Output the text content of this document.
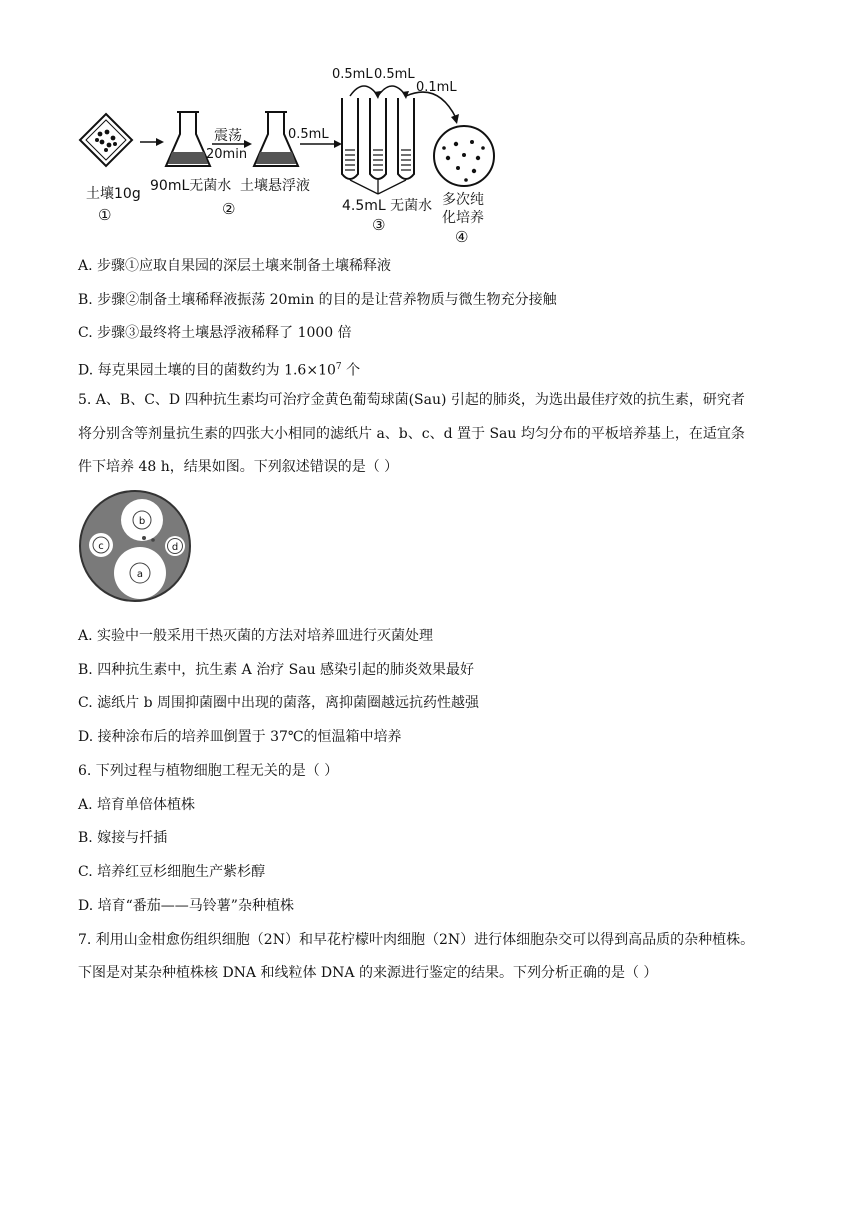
土壤10g
①
90mL无菌水
震荡
20min
②
土壤悬浮液
0.5mL
0.5mL 0.5mL
0.1mL
4.5mL 无菌水
③
多次纯
化培养
④
A. 步骤①应取自果园的深层土壤来制备土壤稀释液
B. 步骤②制备土壤稀释液振荡 20min 的目的是让营养物质与微生物充分接触
C. 步骤③最终将土壤悬浮液稀释了 1000 倍
D. 每克果园土壤的目的菌数约为 $1.6\times 10^7$ 个
5. A、B、C、D 四种抗生素均可治疗金黄色葡萄球菌(Sau) 引起的肺炎，为选出最佳疗效的抗生素，研究者
将分别含等剂量抗生素的四张大小相同的滤纸片 a、b、c、d 置于 Sau 均匀分布的平板培养基上，在适宜条
件下培养 48 h，结果如图。下列叙述错误的是（ ）
a
b
c	d
A. 实验中一般采用干热灭菌的方法对培养皿进行灭菌处理
B. 四种抗生素中，抗生素 A 治疗 Sau 感染引起的肺炎效果最好
C. 滤纸片 b 周围抑菌圈中出现的菌落，离抑菌圈越远抗药性越强
D. 接种涂布后的培养皿倒置于 37℃的恒温箱中培养
6. 下列过程与植物细胞工程无关的是（ ）
A. 培育单倍体植株
B. 嫁接与扦插
C. 培养红豆杉细胞生产紫杉醇
D. 培育“番茄——马铃薯”杂种植株
7. 利用山金柑愈伤组织细胞（2N）和早花柠檬叶肉细胞（2N）进行体细胞杂交可以得到高品质的杂种植株。
下图是对某杂种植株核 DNA 和线粒体 DNA 的来源进行鉴定的结果。下列分析正确的是（ ）
